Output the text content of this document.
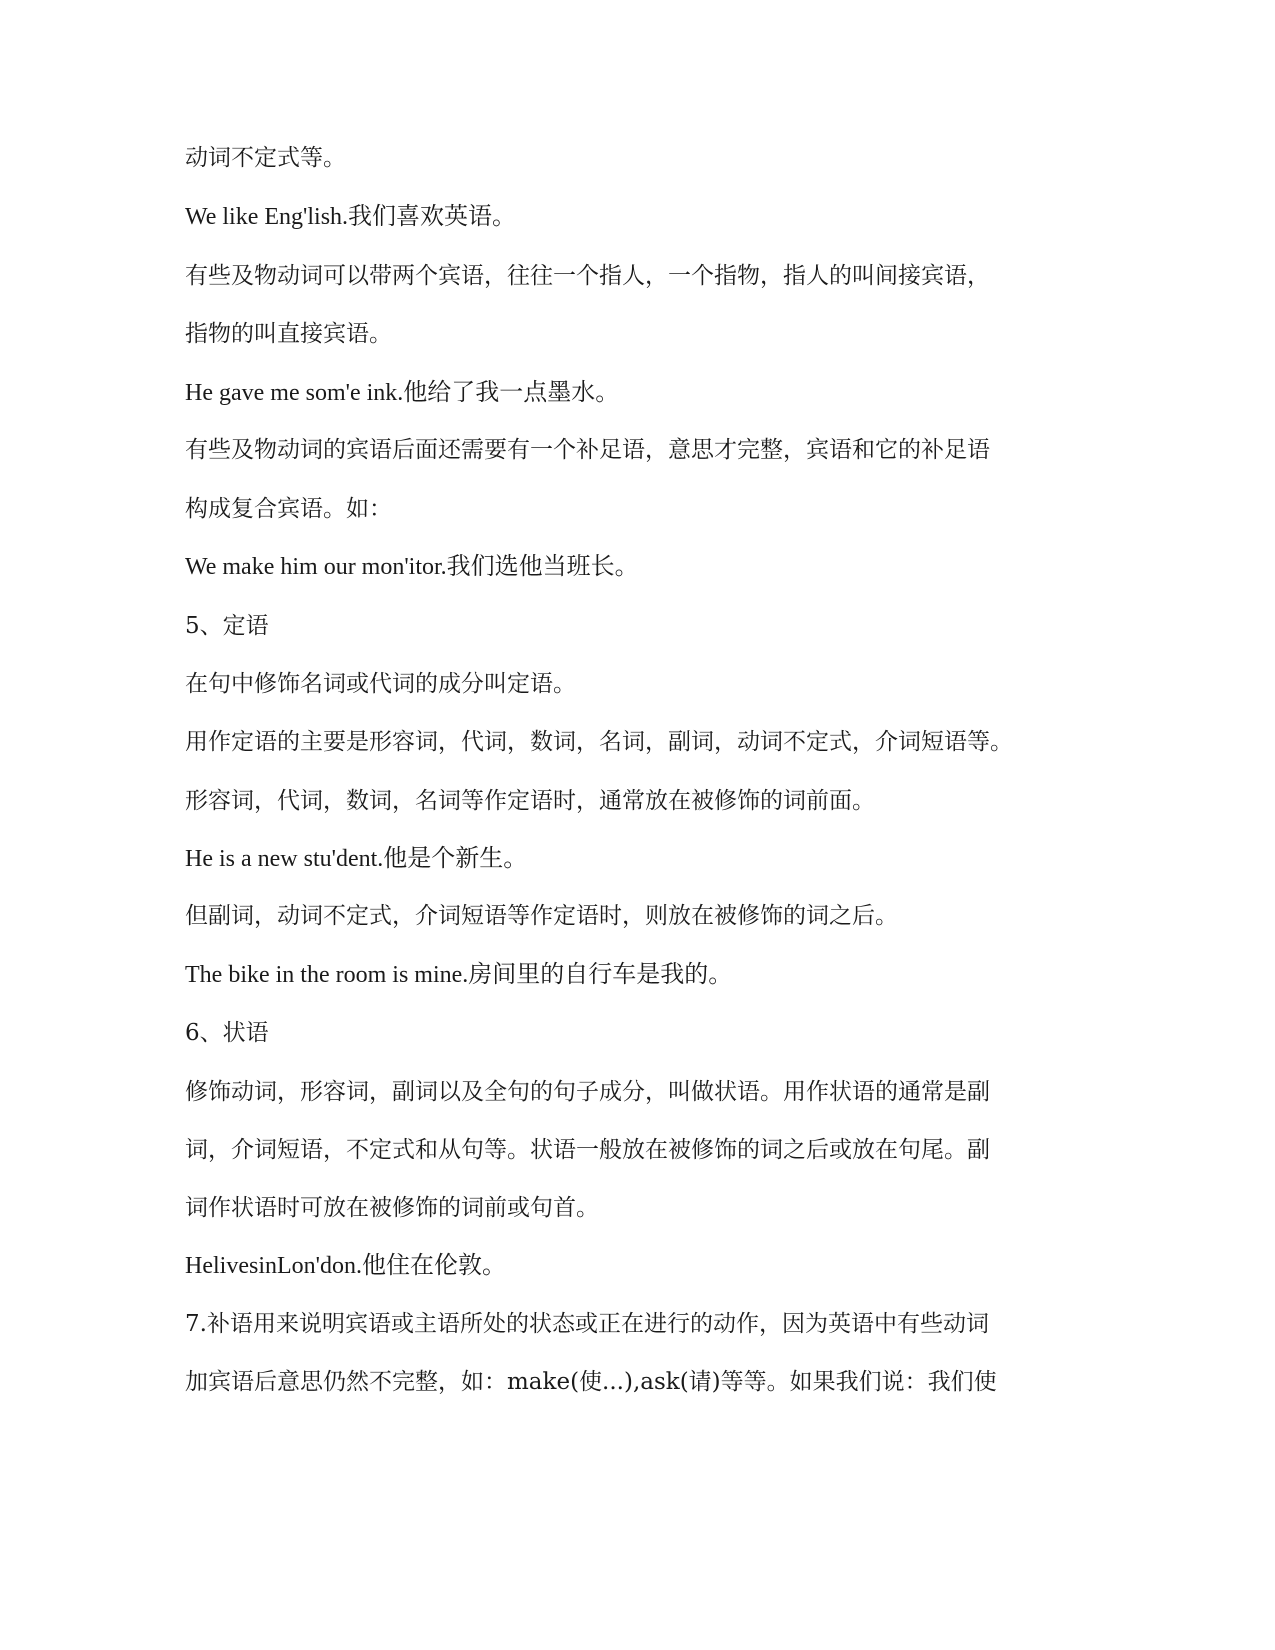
动词不定式等。
We like Eng'lish.我们喜欢英语。
有些及物动词可以带两个宾语，往往一个指人，一个指物，指人的叫间接宾语，
指物的叫直接宾语。
He gave me som'e ink.他给了我一点墨水。
有些及物动词的宾语后面还需要有一个补足语，意思才完整，宾语和它的补足语
构成复合宾语。如：
We make him our mon'itor.我们选他当班长。
5、定语
在句中修饰名词或代词的成分叫定语。
用作定语的主要是形容词，代词，数词，名词，副词，动词不定式，介词短语等。
形容词，代词，数词，名词等作定语时，通常放在被修饰的词前面。
He is a new stu'dent.他是个新生。
但副词，动词不定式，介词短语等作定语时，则放在被修饰的词之后。
The bike in the room is mine.房间里的自行车是我的。
6、状语
修饰动词，形容词，副词以及全句的句子成分，叫做状语。用作状语的通常是副
词，介词短语，不定式和从句等。状语一般放在被修饰的词之后或放在句尾。副
词作状语时可放在被修饰的词前或句首。
HelivesinLon'don.他住在伦敦。
7.补语用来说明宾语或主语所处的状态或正在进行的动作，因为英语中有些动词
加宾语后意思仍然不完整，如：make(使...),ask(请)等等。如果我们说：我们使
